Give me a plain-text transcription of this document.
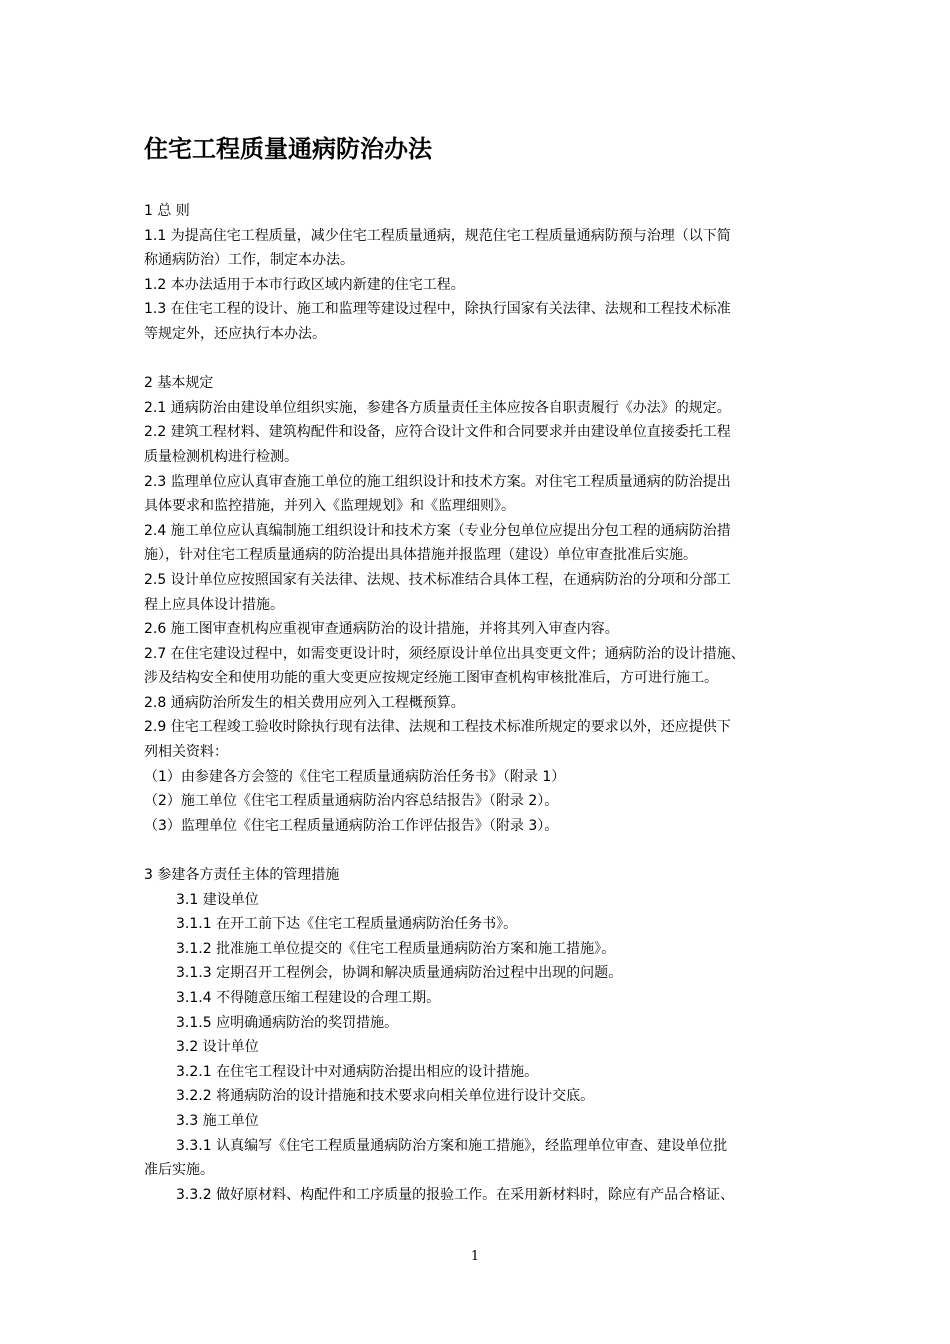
住宅工程质量通病防治办法
1 总 则
1.1 为提高住宅工程质量，减少住宅工程质量通病，规范住宅工程质量通病防预与治理（以下简
称通病防治）工作，制定本办法。
1.2 本办法适用于本市行政区域内新建的住宅工程。
1.3 在住宅工程的设计、施工和监理等建设过程中，除执行国家有关法律、法规和工程技术标准
等规定外，还应执行本办法。
2 基本规定
2.1 通病防治由建设单位组织实施，参建各方质量责任主体应按各自职责履行《办法》的规定。
2.2 建筑工程材料、建筑构配件和设备，应符合设计文件和合同要求并由建设单位直接委托工程
质量检测机构进行检测。
2.3 监理单位应认真审查施工单位的施工组织设计和技术方案。对住宅工程质量通病的防治提出
具体要求和监控措施，并列入《监理规划》和《监理细则》。
2.4 施工单位应认真编制施工组织设计和技术方案（专业分包单位应提出分包工程的通病防治措
施），针对住宅工程质量通病的防治提出具体措施并报监理（建设）单位审查批准后实施。
2.5 设计单位应按照国家有关法律、法规、技术标准结合具体工程，在通病防治的分项和分部工
程上应具体设计措施。
2.6 施工图审查机构应重视审查通病防治的设计措施，并将其列入审查内容。
2.7 在住宅建设过程中，如需变更设计时，须经原设计单位出具变更文件；通病防治的设计措施、
涉及结构安全和使用功能的重大变更应按规定经施工图审查机构审核批准后，方可进行施工。
2.8 通病防治所发生的相关费用应列入工程概预算。
2.9 住宅工程竣工验收时除执行现有法律、法规和工程技术标准所规定的要求以外，还应提供下
列相关资料：
（1）由参建各方会签的《住宅工程质量通病防治任务书》（附录 1）
（2）施工单位《住宅工程质量通病防治内容总结报告》（附录 2）。
（3）监理单位《住宅工程质量通病防治工作评估报告》（附录 3）。
3 参建各方责任主体的管理措施
3.1 建设单位
3.1.1 在开工前下达《住宅工程质量通病防治任务书》。
3.1.2 批准施工单位提交的《住宅工程质量通病防治方案和施工措施》。
3.1.3 定期召开工程例会，协调和解决质量通病防治过程中出现的问题。
3.1.4 不得随意压缩工程建设的合理工期。
3.1.5 应明确通病防治的奖罚措施。
3.2 设计单位
3.2.1 在住宅工程设计中对通病防治提出相应的设计措施。
3.2.2 将通病防治的设计措施和技术要求向相关单位进行设计交底。
3.3 施工单位
3.3.1 认真编写《住宅工程质量通病防治方案和施工措施》，经监理单位审查、建设单位批
准后实施。
3.3.2 做好原材料、构配件和工序质量的报验工作。在采用新材料时，除应有产品合格证、
1
